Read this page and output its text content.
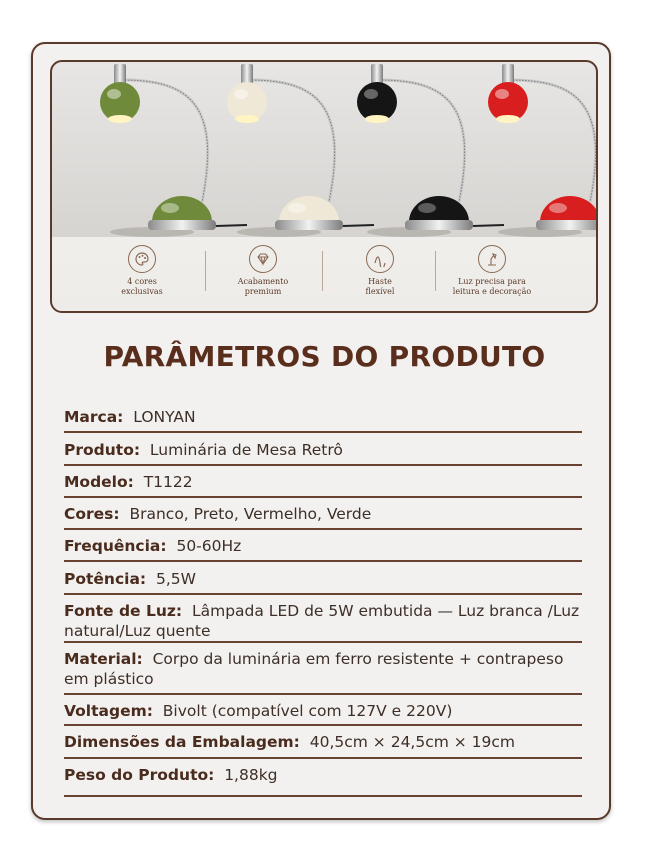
4 cores
exclusivas
Acabamento
premium
Haste
flexível
Luz precisa para
leitura e decoração
PARÂMETROS DO PRODUTO
Marca: LONYAN
Produto: Luminária de Mesa Retrô
Modelo: T1122
Cores: Branco, Preto, Vermelho, Verde
Frequência: 50-60Hz
Potência: 5,5W
Fonte de Luz: Lâmpada LED de 5W embutida — Luz branca /Luz natural/Luz quente
Material: Corpo da luminária em ferro resistente + contrapeso em plástico
Voltagem: Bivolt (compatível com 127V e 220V)
Dimensões da Embalagem: 40,5cm × 24,5cm × 19cm
Peso do Produto: 1,88kg
